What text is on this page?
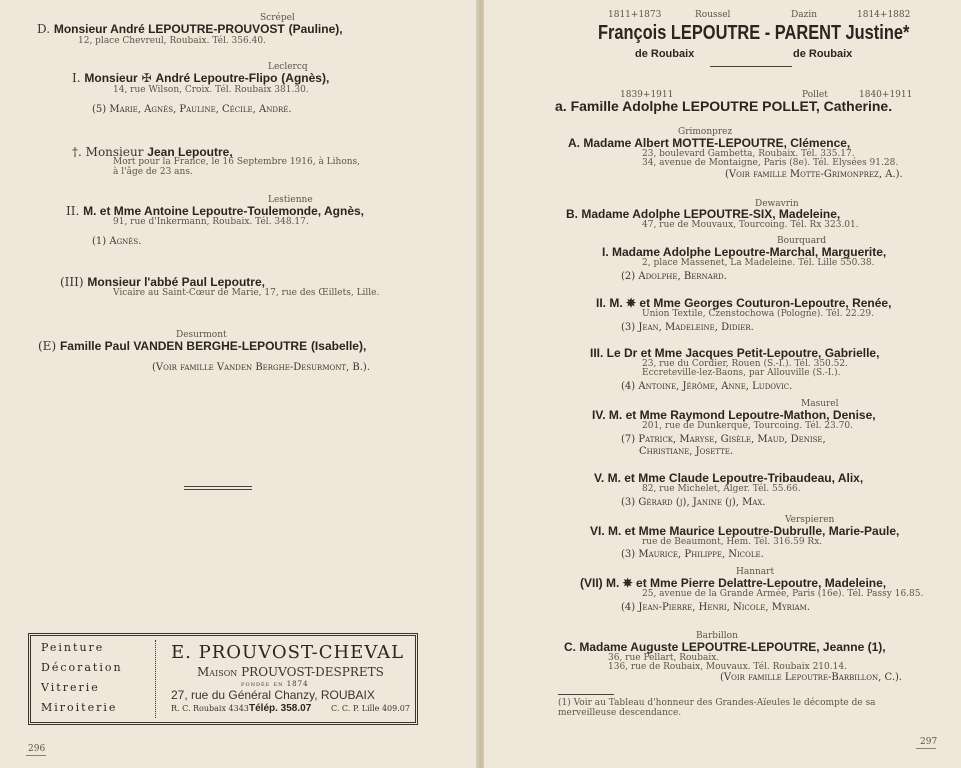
Scrépel
D. Monsieur André LEPOUTRE-PROUVOST (Pauline),
12, place Chevreul, Roubaix. Tél. 356.40.
Leclercq
I. Monsieur ✠ André Lepoutre-Flipo (Agnès),
14, rue Wilson, Croix. Tél. Roubaix 381.30.
(5) Marie, Agnès, Pauline, Cécile, André.
†. Monsieur Jean Lepoutre,
Mort pour la France, le 16 Septembre 1916, à Lihons,
à l'âge de 23 ans.
Lestienne
II. M. et Mme Antoine Lepoutre-Toulemonde, Agnès,
91, rue d'Inkermann, Roubaix. Tél. 348.17.
(1) Agnès.
(III) Monsieur l'abbé Paul Lepoutre,
Vicaire au Saint-Cœur de Marie, 17, rue des Œillets, Lille.
Desurmont
(E) Famille Paul VANDEN BERGHE-LEPOUTRE (Isabelle),
(Voir famille Vanden Berghe-Desurmont, B.).
Peinture
Décoration
Vitrerie
Miroiterie
E. PROUVOST-CHEVAL
Maison PROUVOST-DESPRETS
fondée en 1874
27, rue du Général Chanzy, ROUBAIX
R. C. Roubaix 4343 Télép. 358.07 C. C. P. Lille 409.07
296
1811+1873	Roussel	Dazin	1814+1882
François LEPOUTRE - PARENT Justine*
de Roubaix	de Roubaix
1839+1911	Pollet	1840+1911
a. Famille Adolphe LEPOUTRE POLLET, Catherine.
Grimonprez
A. Madame Albert MOTTE-LEPOUTRE, Clémence,
23, boulevard Gambetta, Roubaix. Tél. 335.17.
34, avenue de Montaigne, Paris (8e). Tél. Elysées 91.28.
(Voir famille Motte-Grimonprez, A.).
Dewavrin
B. Madame Adolphe LEPOUTRE-SIX, Madeleine,
47, rue de Mouvaux, Tourcoing. Tél. Rx 323.01.
Bourquard
I. Madame Adolphe Lepoutre-Marchal, Marguerite,
2, place Massenet, La Madeleine. Tél. Lille 550.38.
(2) Adolphe, Bernard.
II. M. ✵ et Mme Georges Couturon-Lepoutre, Renée,
Union Textile, Czenstochowa (Pologne). Tél. 22.29.
(3) Jean, Madeleine, Didier.
III. Le Dr et Mme Jacques Petit-Lepoutre, Gabrielle,
23, rue du Cordier, Rouen (S.-I.). Tél. 350.52.
Eccreteville-lez-Baons, par Allouville (S.-I.).
(4) Antoine, Jérôme, Anne, Ludovic.
Masurel
IV. M. et Mme Raymond Lepoutre-Mathon, Denise,
201, rue de Dunkerque, Tourcoing. Tél. 23.70.
(7) Patrick, Maryse, Gisèle, Maud, Denise,
Christiane, Josette.
V. M. et Mme Claude Lepoutre-Tribaudeau, Alix,
82, rue Michelet, Alger. Tél. 55.66.
(3) Gérard (j), Janine (j), Max.
Verspieren
VI. M. et Mme Maurice Lepoutre-Dubrulle, Marie-Paule,
rue de Beaumont, Hem. Tél. 316.59 Rx.
(3) Maurice, Philippe, Nicole.
Hannart
(VII) M. ✵ et Mme Pierre Delattre-Lepoutre, Madeleine,
25, avenue de la Grande Armée, Paris (16e). Tél. Passy 16.85.
(4) Jean-Pierre, Henri, Nicole, Myriam.
Barbillon
C. Madame Auguste LEPOUTRE-LEPOUTRE, Jeanne (1),
36, rue Pellart, Roubaix.
136, rue de Roubaix, Mouvaux. Tél. Roubaix 210.14.
(Voir famille Lepoutre-Barbillon, C.).
(1) Voir au Tableau d'honneur des Grandes-Aïeules le décompte de sa
merveilleuse descendance.
297
